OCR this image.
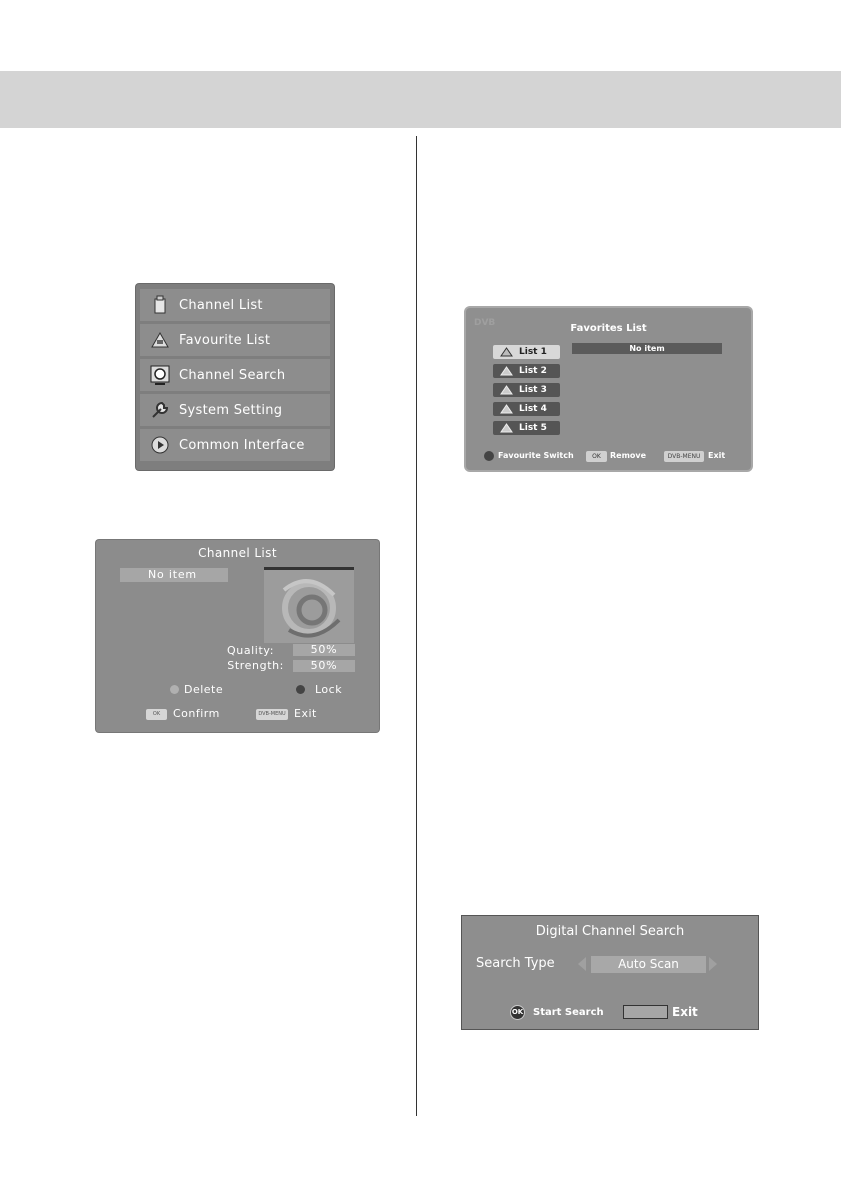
Channel List
Favourite List
Channel Search
System Setting
Common Interface
Channel List
No item
Quality:	50%
Strength:	50%
Delete	Lock
OK	Confirm	DVB-MENU Exit
DVB	Favorites List
List 1
List 2
List 3
List 4
List 5
No item
Favourite Switch	OK	Remove	DVB-MENU Exit
Digital Channel Search
Search Type	Auto Scan
OK Start Search	Exit
